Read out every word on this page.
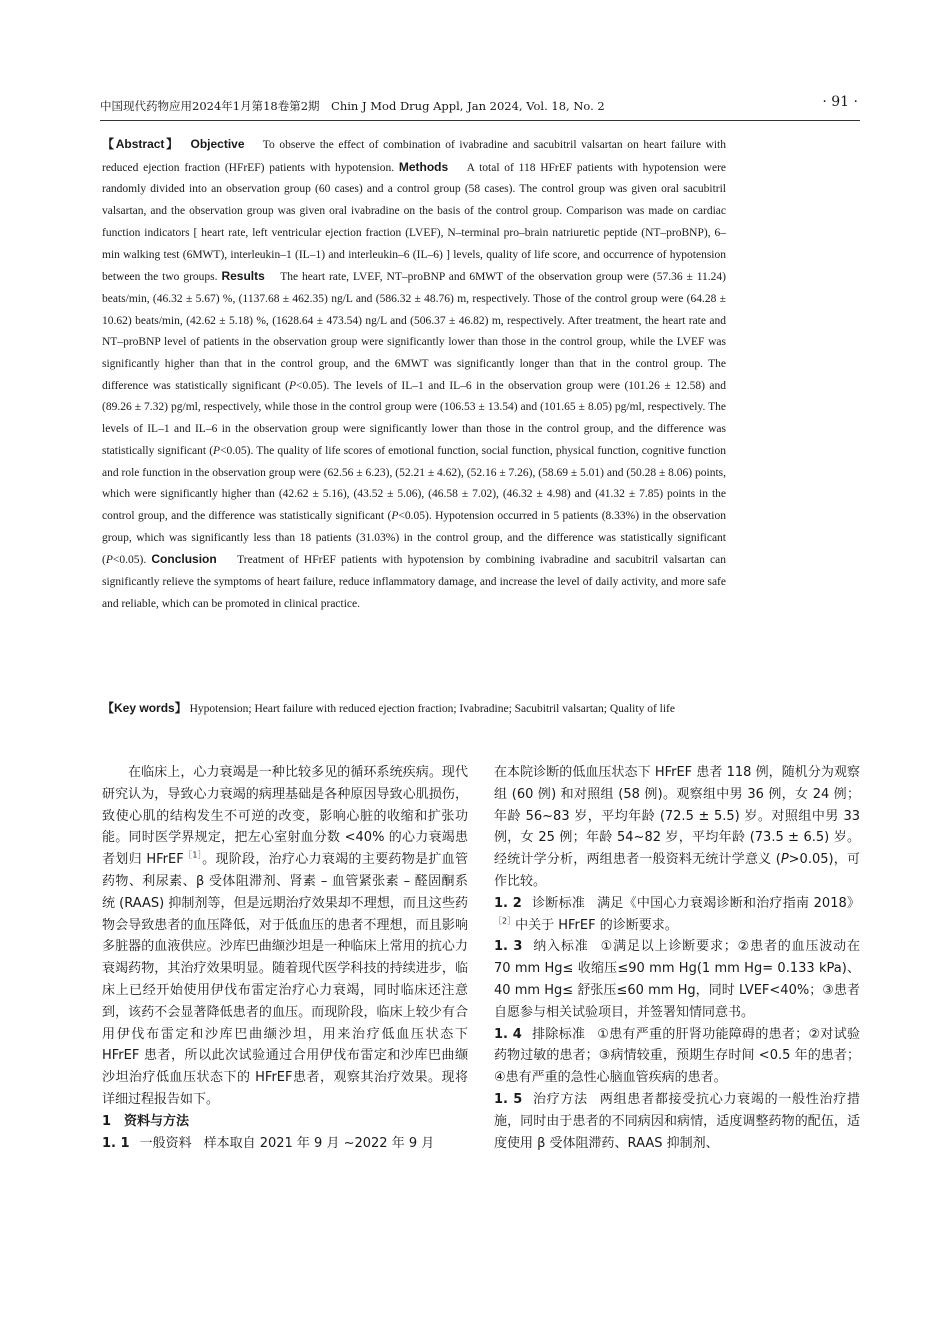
中国现代药物应用2024年1月第18卷第2期　Chin J Mod Drug Appl, Jan 2024, Vol. 18, No. 2	· 91 ·
【Abstract】 Objective To observe the effect of combination of ivabradine and sacubitril valsartan on heart failure with reduced ejection fraction (HFrEF) patients with hypotension. Methods A total of 118 HFrEF patients with hypotension were randomly divided into an observation group (60 cases) and a control group (58 cases). The control group was given oral sacubitril valsartan, and the observation group was given oral ivabradine on the basis of the control group. Comparison was made on cardiac function indicators [ heart rate, left ventricular ejection fraction (LVEF), N–terminal pro–brain natriuretic peptide (NT–proBNP), 6–min walking test (6MWT), interleukin–1 (IL–1) and interleukin–6 (IL–6) ] levels, quality of life score, and occurrence of hypotension between the two groups. Results The heart rate, LVEF, NT–proBNP and 6MWT of the observation group were (57.36 ± 11.24) beats/min, (46.32 ± 5.67) %, (1137.68 ± 462.35) ng/L and (586.32 ± 48.76) m, respectively. Those of the control group were (64.28 ± 10.62) beats/min, (42.62 ± 5.18) %, (1628.64 ± 473.54) ng/L and (506.37 ± 46.82) m, respectively. After treatment, the heart rate and NT–proBNP level of patients in the observation group were significantly lower than those in the control group, while the LVEF was significantly higher than that in the control group, and the 6MWT was significantly longer than that in the control group. The difference was statistically significant (P<0.05). The levels of IL–1 and IL–6 in the observation group were (101.26 ± 12.58) and (89.26 ± 7.32) pg/ml, respectively, while those in the control group were (106.53 ± 13.54) and (101.65 ± 8.05) pg/ml, respectively. The levels of IL–1 and IL–6 in the observation group were significantly lower than those in the control group, and the difference was statistically significant (P<0.05). The quality of life scores of emotional function, social function, physical function, cognitive function and role function in the observation group were (62.56 ± 6.23), (52.21 ± 4.62), (52.16 ± 7.26), (58.69 ± 5.01) and (50.28 ± 8.06) points, which were significantly higher than (42.62 ± 5.16), (43.52 ± 5.06), (46.58 ± 7.02), (46.32 ± 4.98) and (41.32 ± 7.85) points in the control group, and the difference was statistically significant (P<0.05). Hypotension occurred in 5 patients (8.33%) in the observation group, which was significantly less than 18 patients (31.03%) in the control group, and the difference was statistically significant (P<0.05). Conclusion Treatment of HFrEF patients with hypotension by combining ivabradine and sacubitril valsartan can significantly relieve the symptoms of heart failure, reduce inflammatory damage, and increase the level of daily activity, and more safe and reliable, which can be promoted in clinical practice.
【Key words】 Hypotension; Heart failure with reduced ejection fraction; Ivabradine; Sacubitril valsartan; Quality of life

在临床上，心力衰竭是一种比较多见的循环系统疾病。现代研究认为，导致心力衰竭的病理基础是各种原因导致心肌损伤，致使心肌的结构发生不可逆的改变，影响心脏的收缩和扩张功能。同时医学界规定，把左心室射血分数 <40% 的心力衰竭患者划归 HFrEF$^{[1]}$。现阶段，治疗心力衰竭的主要药物是扩血管药物、利尿素、β 受体阻滞剂、肾素 – 血管紧张素 – 醛固酮系统 (RAAS) 抑制剂等，但是远期治疗效果却不理想，而且这些药物会导致患者的血压降低，对于低血压的患者不理想，而且影响多脏器的血液供应。沙库巴曲缬沙坦是一种临床上常用的抗心力衰竭药物，其治疗效果明显。随着现代医学科技的持续进步，临床上已经开始使用伊伐布雷定治疗心力衰竭，同时临床还注意到，该药不会显著降低患者的血压。而现阶段，临床上较少有合用伊伐布雷定和沙库巴曲缬沙坦，用来治疗低血压状态下 HFrEF 患者，所以此次试验通过合用伊伐布雷定和沙库巴曲缬沙坦治疗低血压状态下的 HFrEF患者，观察其治疗效果。现将详细过程报告如下。

1　资料与方法

1. 1 一般资料 样本取自 2021 年 9 月 ~2022 年 9 月

在本院诊断的低血压状态下 HFrEF 患者 118 例，随机分为观察组 (60 例) 和对照组 (58 例)。观察组中男 36 例，女 24 例；年龄 56~83 岁，平均年龄 (72.5 ± 5.5) 岁。对照组中男 33 例，女 25 例；年龄 54~82 岁，平均年龄 (73.5 ± 6.5) 岁。经统计学分析，两组患者一般资料无统计学意义 (P>0.05)，可作比较。

1. 2 诊断标准 满足《中国心力衰竭诊断和治疗指南 2018》$^{[2]}$中关于 HFrEF 的诊断要求。

1. 3 纳入标准 ①满足以上诊断要求；②患者的血压波动在 70 mm Hg≤ 收缩压≤90 mm Hg(1 mm Hg= 0.133 kPa)、40 mm Hg≤ 舒张压≤60 mm Hg，同时 LVEF<40%；③患者自愿参与相关试验项目，并签署知情同意书。

1. 4 排除标准 ①患有严重的肝肾功能障碍的患者；②对试验药物过敏的患者；③病情较重，预期生存时间 <0.5 年的患者；④患有严重的急性心脑血管疾病的患者。

1. 5 治疗方法 两组患者都接受抗心力衰竭的一般性治疗措施，同时由于患者的不同病因和病情，适度调整药物的配伍，适度使用 β 受体阻滞药、RAAS 抑制剂、
